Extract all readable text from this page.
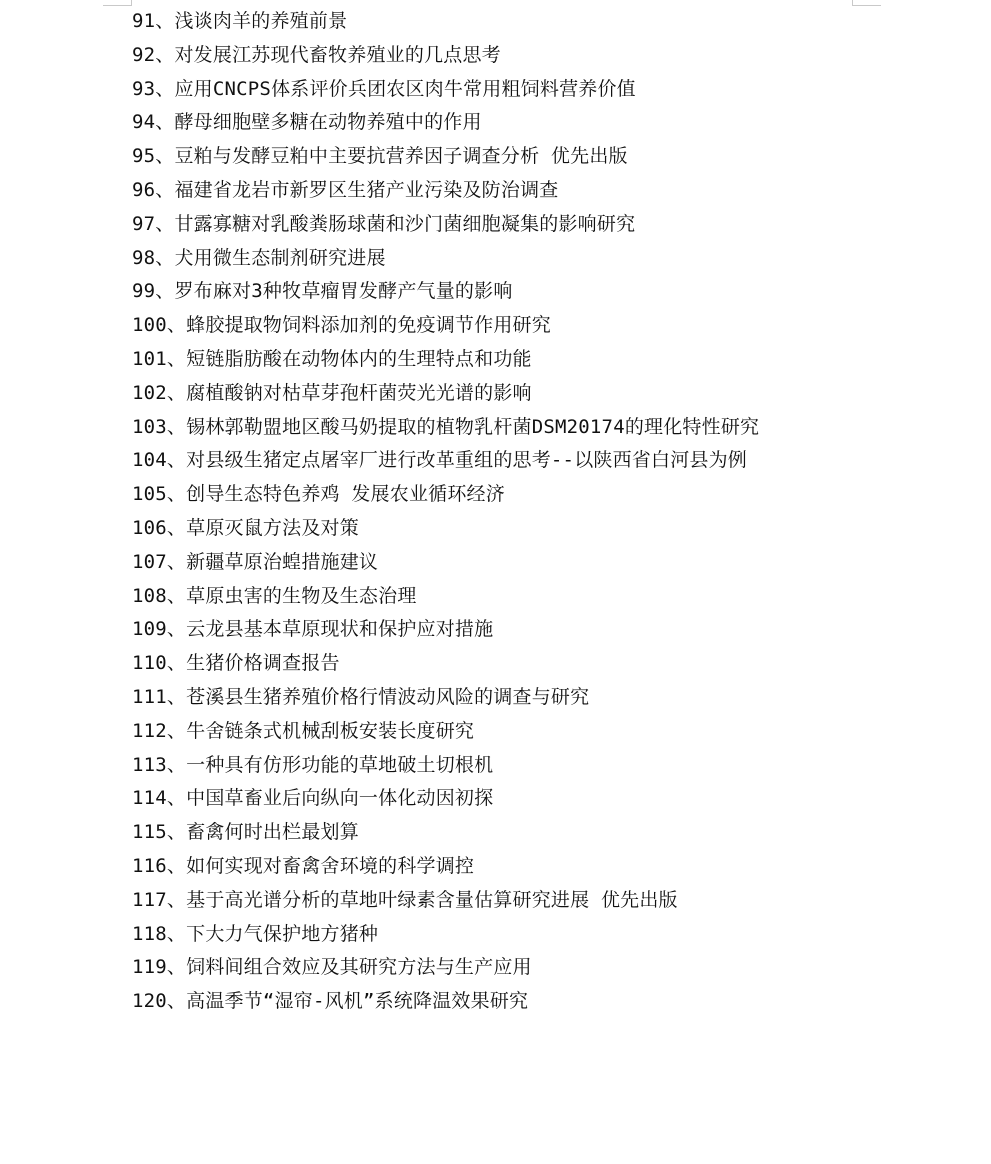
91、浅谈肉羊的养殖前景
92、对发展江苏现代畜牧养殖业的几点思考
93、应用CNCPS体系评价兵团农区肉牛常用粗饲料营养价值
94、酵母细胞壁多糖在动物养殖中的作用
95、豆粕与发酵豆粕中主要抗营养因子调查分析 优先出版
96、福建省龙岩市新罗区生猪产业污染及防治调查
97、甘露寡糖对乳酸粪肠球菌和沙门菌细胞凝集的影响研究
98、犬用微生态制剂研究进展
99、罗布麻对3种牧草瘤胃发酵产气量的影响
100、蜂胶提取物饲料添加剂的免疫调节作用研究
101、短链脂肪酸在动物体内的生理特点和功能
102、腐植酸钠对枯草芽孢杆菌荧光光谱的影响
103、锡林郭勒盟地区酸马奶提取的植物乳杆菌DSM20174的理化特性研究
104、对县级生猪定点屠宰厂进行改革重组的思考--以陕西省白河县为例
105、创导生态特色养鸡 发展农业循环经济
106、草原灭鼠方法及对策
107、新疆草原治蝗措施建议
108、草原虫害的生物及生态治理
109、云龙县基本草原现状和保护应对措施
110、生猪价格调查报告
111、苍溪县生猪养殖价格行情波动风险的调查与研究
112、牛舍链条式机械刮板安装长度研究
113、一种具有仿形功能的草地破土切根机
114、中国草畜业后向纵向一体化动因初探
115、畜禽何时出栏最划算
116、如何实现对畜禽舍环境的科学调控
117、基于高光谱分析的草地叶绿素含量估算研究进展 优先出版
118、下大力气保护地方猪种
119、饲料间组合效应及其研究方法与生产应用
120、高温季节“湿帘-风机”系统降温效果研究
